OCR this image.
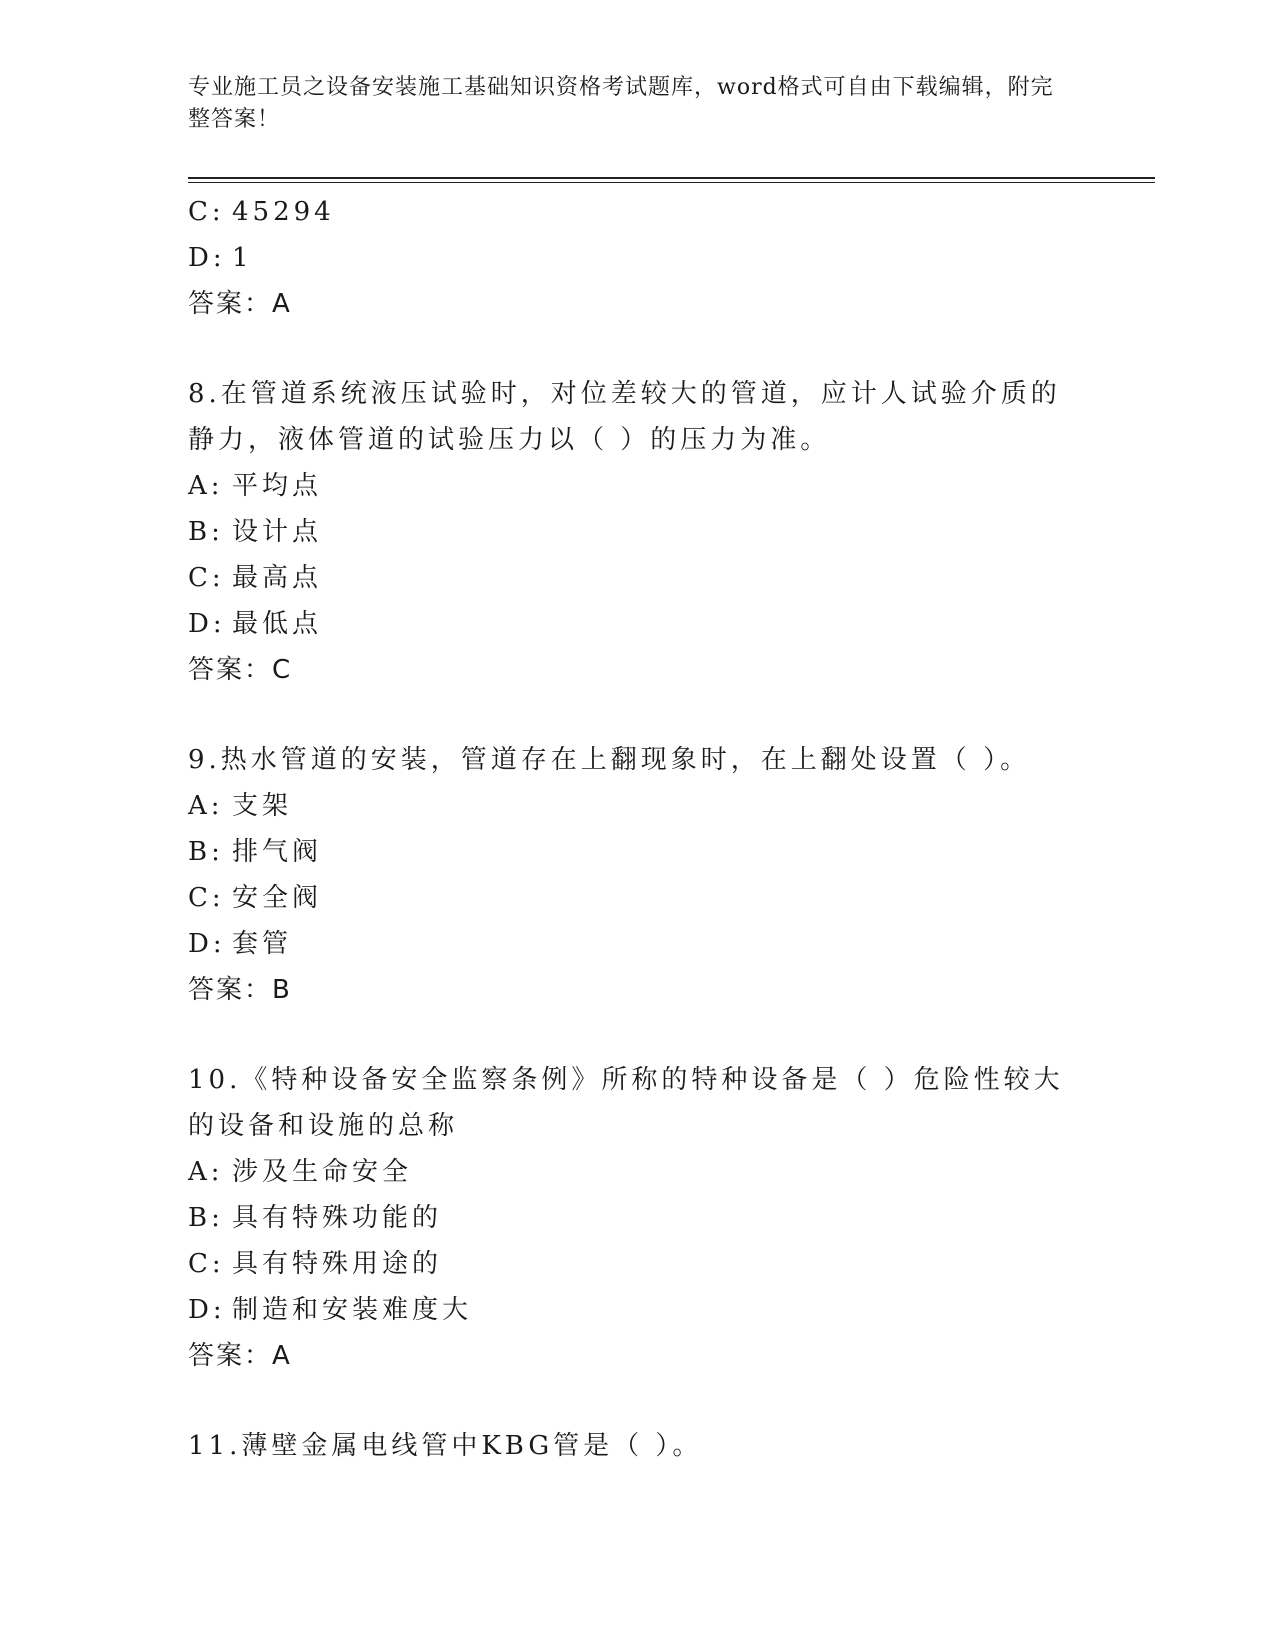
专业施工员之设备安装施工基础知识资格考试题库，word格式可自由下载编辑，附完整答案！
C: 45294
D: 1
答案：A
8.在管道系统液压试验时，对位差较大的管道，应计人试验介质的静力，液体管道的试验压力以（ ）的压力为准。
A: 平均点
B: 设计点
C: 最高点
D: 最低点
答案：C
9.热水管道的安装，管道存在上翻现象时，在上翻处设置（ ）。
A: 支架
B: 排气阀
C: 安全阀
D: 套管
答案：B
10.《特种设备安全监察条例》所称的特种设备是（ ）危险性较大的设备和设施的总称
A: 涉及生命安全
B: 具有特殊功能的
C: 具有特殊用途的
D: 制造和安装难度大
答案：A
11.薄壁金属电线管中KBG管是（ ）。
